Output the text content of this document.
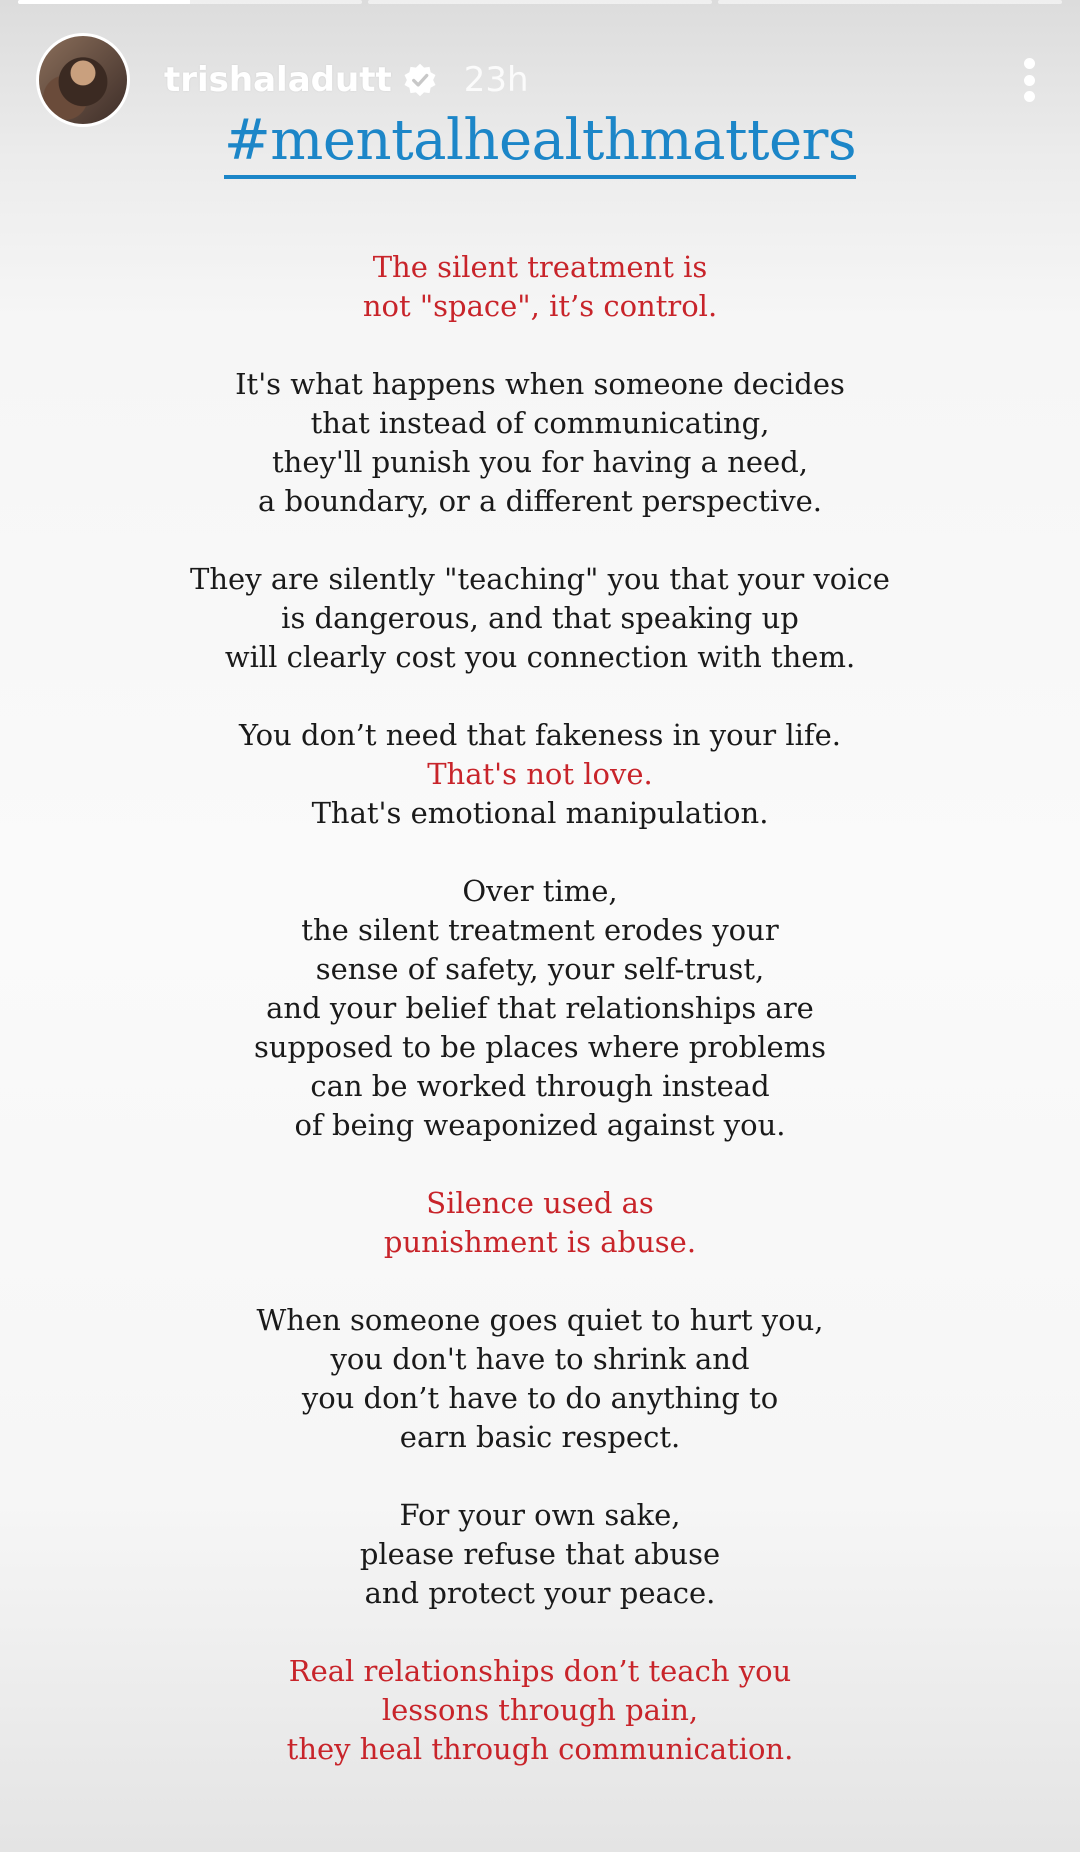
trishaladutt 23h
#mentalhealthmatters
The silent treatment is
not "space", it’s control.
It's what happens when someone decides
that instead of communicating,
they'll punish you for having a need,
a boundary, or a different perspective.
They are silently "teaching" you that your voice
is dangerous, and that speaking up
will clearly cost you connection with them.
You don’t need that fakeness in your life.
That's not love.
That's emotional manipulation.
Over time,
the silent treatment erodes your
sense of safety, your self-trust,
and your belief that relationships are
supposed to be places where problems
can be worked through instead
of being weaponized against you.
Silence used as
punishment is abuse.
When someone goes quiet to hurt you,
you don't have to shrink and
you don’t have to do anything to
earn basic respect.
For your own sake,
please refuse that abuse
and protect your peace.
Real relationships don’t teach you
lessons through pain,
they heal through communication.
